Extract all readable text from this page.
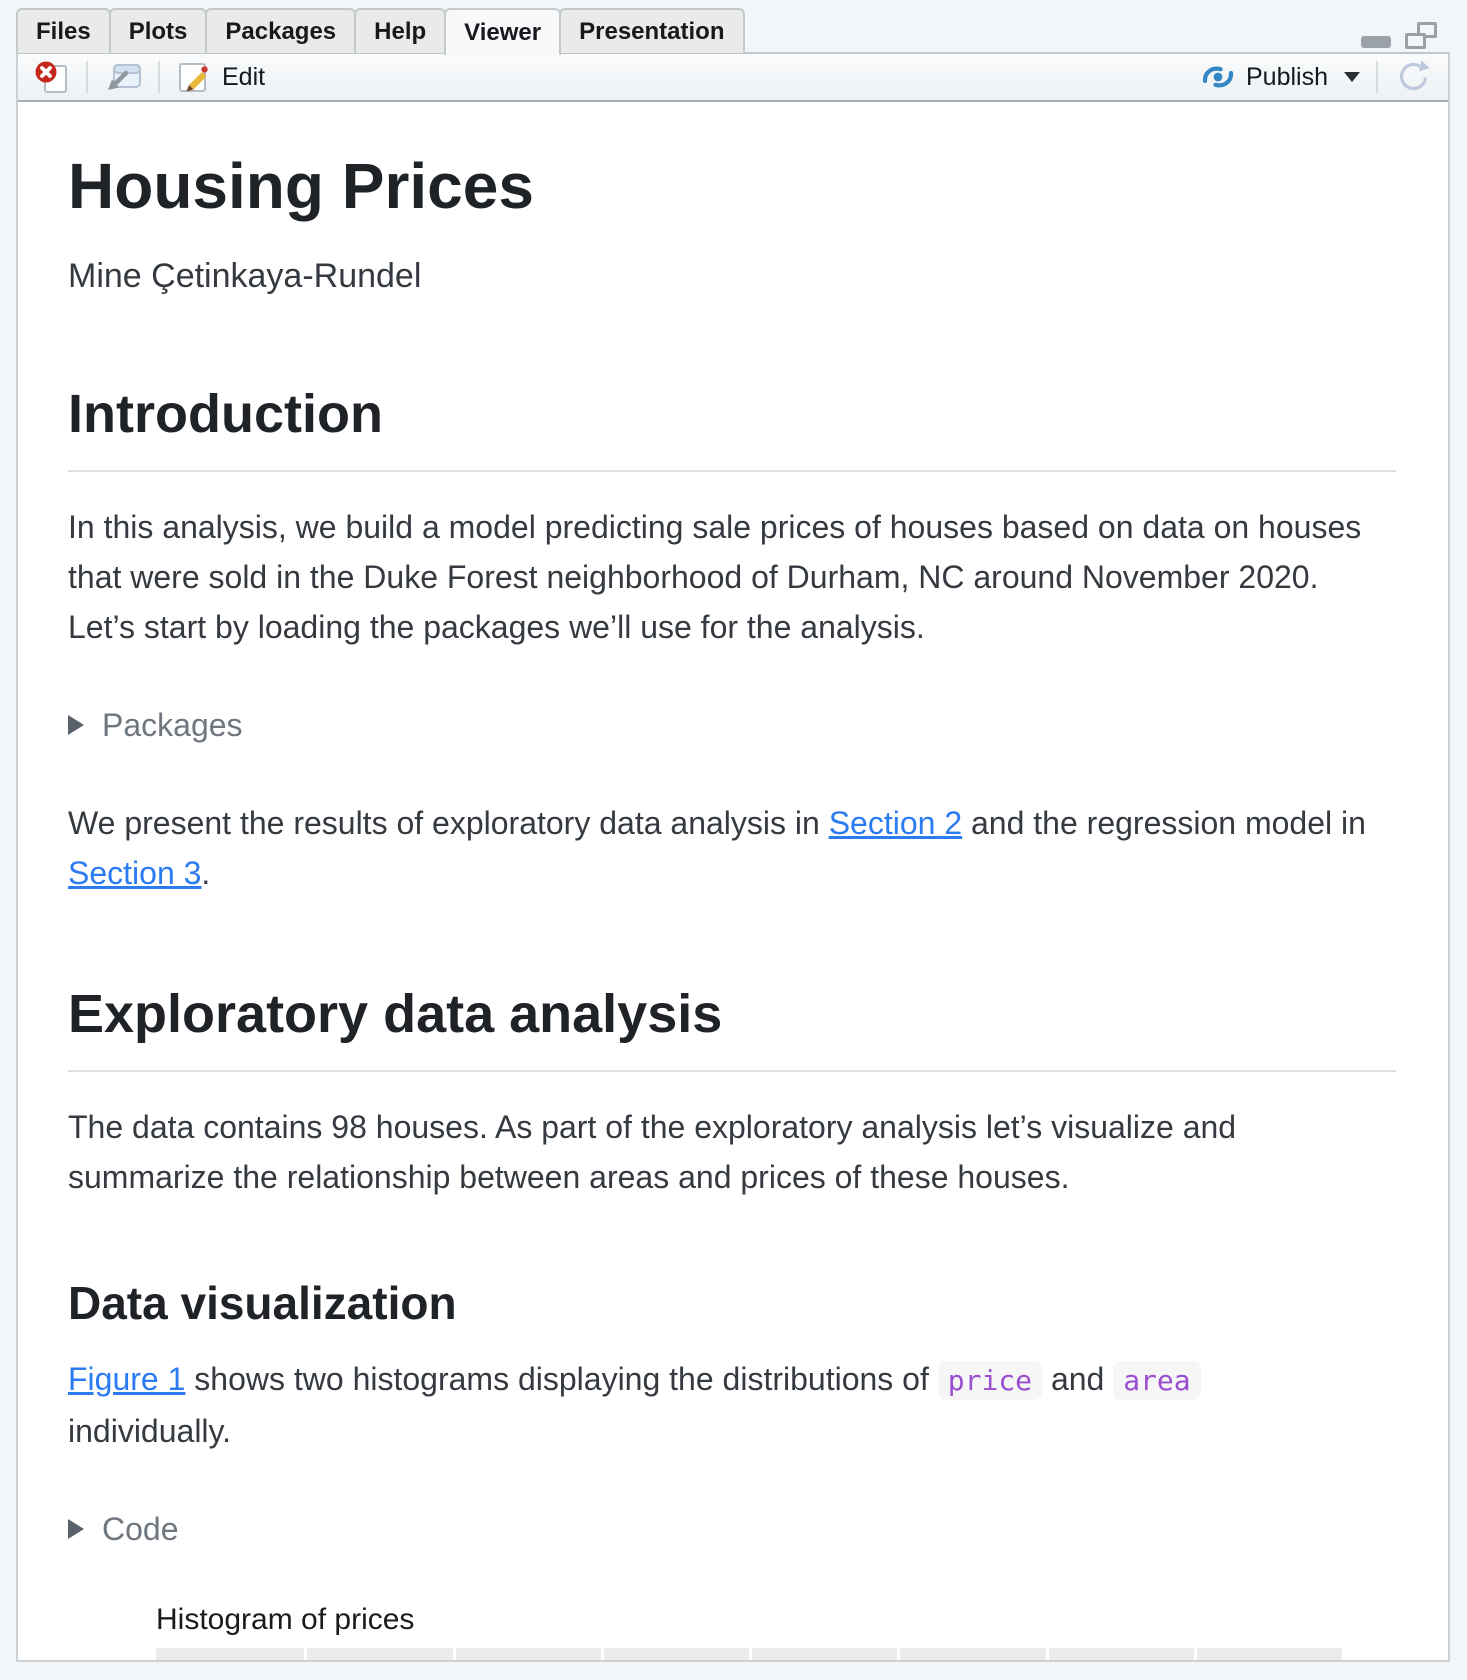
Files Plots Packages Help Viewer Presentation
Edit	Publish
Housing Prices
Mine Çetinkaya-Rundel
Introduction

In this analysis, we build a model predicting sale prices of houses based on data on houses that were sold in the Duke Forest neighborhood of Durham, NC around November 2020. Let’s start by loading the packages we’ll use for the analysis.

Packages

We present the results of exploratory data analysis in Section 2 and the regression model in Section 3.

Exploratory data analysis

The data contains 98 houses. As part of the exploratory analysis let’s visualize and summarize the relationship between areas and prices of these houses.

Data visualization

Figure 1 shows two histograms displaying the distributions of price and area individually.

Code
Histogram of prices
